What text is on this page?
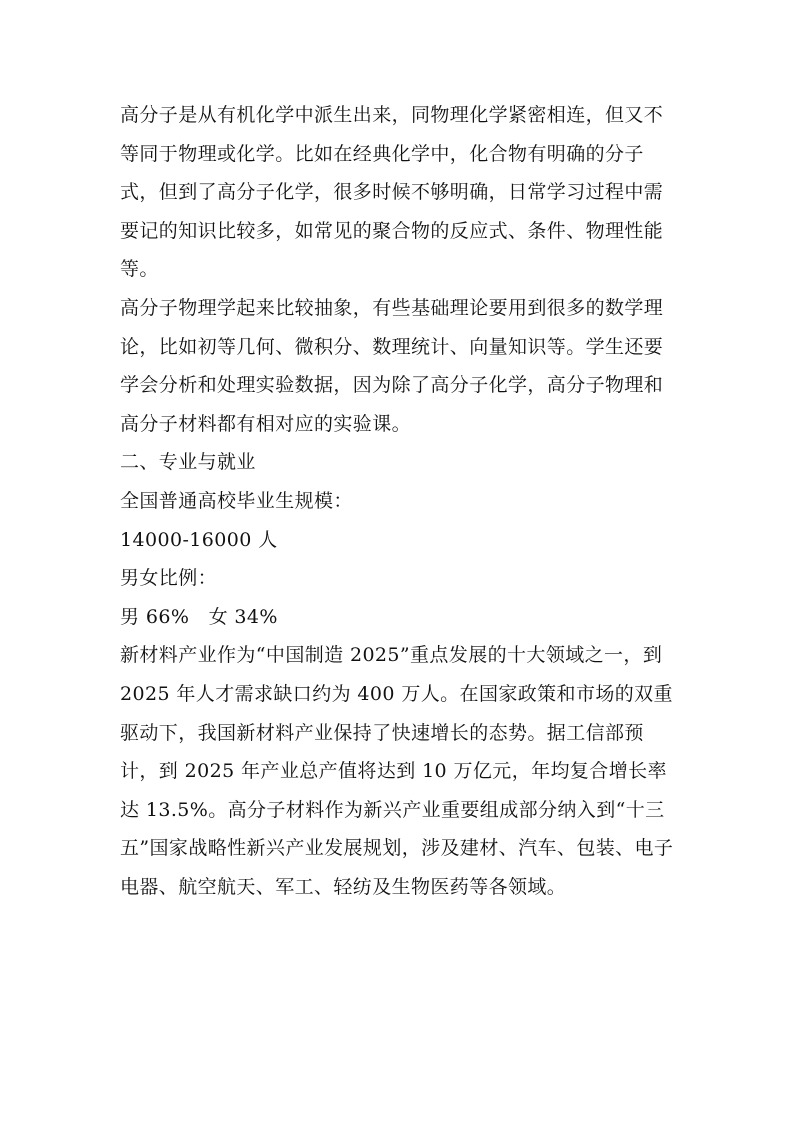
高分子是从有机化学中派生出来，同物理化学紧密相连，但又不等同于物理或化学。比如在经典化学中，化合物有明确的分子式，但到了高分子化学，很多时候不够明确，日常学习过程中需要记的知识比较多，如常见的聚合物的反应式、条件、物理性能等。

高分子物理学起来比较抽象，有些基础理论要用到很多的数学理论，比如初等几何、微积分、数理统计、向量知识等。学生还要学会分析和处理实验数据，因为除了高分子化学，高分子物理和高分子材料都有相对应的实验课。

二、专业与就业

全国普通高校毕业生规模：

14000-16000 人

男女比例：

男 66%   女 34%

新材料产业作为“中国制造 2025”重点发展的十大领域之一，到 2025 年人才需求缺口约为 400 万人。在国家政策和市场的双重驱动下，我国新材料产业保持了快速增长的态势。据工信部预计，到 2025 年产业总产值将达到 10 万亿元，年均复合增长率达 13.5%。高分子材料作为新兴产业重要组成部分纳入到“十三五”国家战略性新兴产业发展规划，涉及建材、汽车、包装、电子电器、航空航天、军工、轻纺及生物医药等各领域。
